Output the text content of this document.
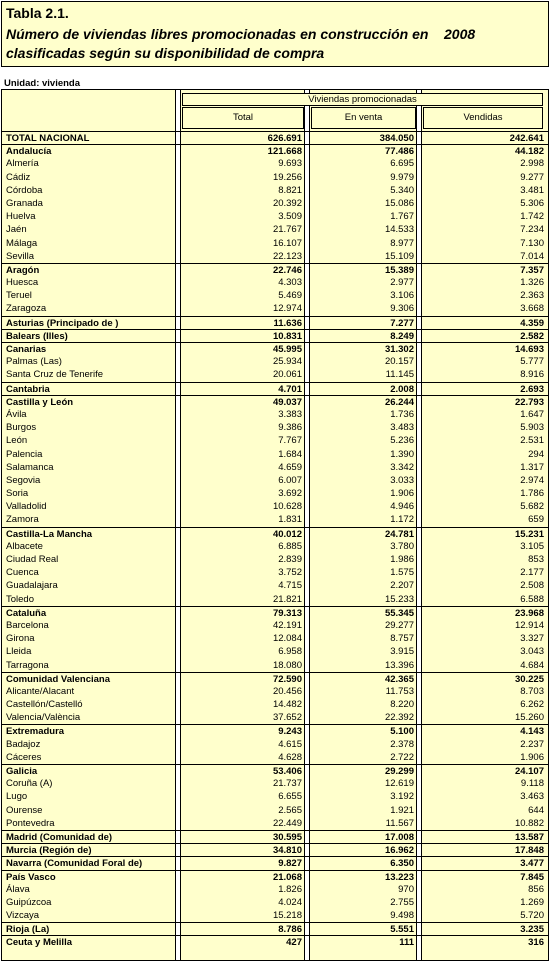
Tabla 2.1.
Número de viviendas libres promocionadas en construcción en    2008
clasificadas según su disponibilidad de compra
Unidad: vivienda
Viviendas promocionadas
Total	En venta	Vendidas
TOTAL NACIONAL	626.691	384.050	242.641
Andalucía	121.668	77.486	44.182
Almería	9.693	6.695	2.998
Cádiz	19.256	9.979	9.277
Córdoba	8.821	5.340	3.481
Granada	20.392	15.086	5.306
Huelva	3.509	1.767	1.742
Jaén	21.767	14.533	7.234
Málaga	16.107	8.977	7.130
Sevilla	22.123	15.109	7.014
Aragón	22.746	15.389	7.357
Huesca	4.303	2.977	1.326
Teruel	5.469	3.106	2.363
Zaragoza	12.974	9.306	3.668
Asturias (Principado de )	11.636	7.277	4.359
Balears (Illes)	10.831	8.249	2.582
Canarias	45.995	31.302	14.693
Palmas (Las)	25.934	20.157	5.777
Santa Cruz de Tenerife	20.061	11.145	8.916
Cantabria	4.701	2.008	2.693
Castilla y León	49.037	26.244	22.793
Ávila	3.383	1.736	1.647
Burgos	9.386	3.483	5.903
León	7.767	5.236	2.531
Palencia	1.684	1.390	294
Salamanca	4.659	3.342	1.317
Segovia	6.007	3.033	2.974
Soria	3.692	1.906	1.786
Valladolid	10.628	4.946	5.682
Zamora	1.831	1.172	659
Castilla-La Mancha	40.012	24.781	15.231
Albacete	6.885	3.780	3.105
Ciudad Real	2.839	1.986	853
Cuenca	3.752	1.575	2.177
Guadalajara	4.715	2.207	2.508
Toledo	21.821	15.233	6.588
Cataluña	79.313	55.345	23.968
Barcelona	42.191	29.277	12.914
Girona	12.084	8.757	3.327
Lleida	6.958	3.915	3.043
Tarragona	18.080	13.396	4.684
Comunidad Valenciana	72.590	42.365	30.225
Alicante/Alacant	20.456	11.753	8.703
Castellón/Castelló	14.482	8.220	6.262
Valencia/València	37.652	22.392	15.260
Extremadura	9.243	5.100	4.143
Badajoz	4.615	2.378	2.237
Cáceres	4.628	2.722	1.906
Galicia	53.406	29.299	24.107
Coruña (A)	21.737	12.619	9.118
Lugo	6.655	3.192	3.463
Ourense	2.565	1.921	644
Pontevedra	22.449	11.567	10.882
Madrid (Comunidad de)	30.595	17.008	13.587
Murcia (Región de)	34.810	16.962	17.848
Navarra (Comunidad Foral de)	9.827	6.350	3.477
País Vasco	21.068	13.223	7.845
Álava	1.826	970	856
Guipúzcoa	4.024	2.755	1.269
Vizcaya	15.218	9.498	5.720
Rioja (La)	8.786	5.551	3.235
Ceuta y Melilla	427	111	316
